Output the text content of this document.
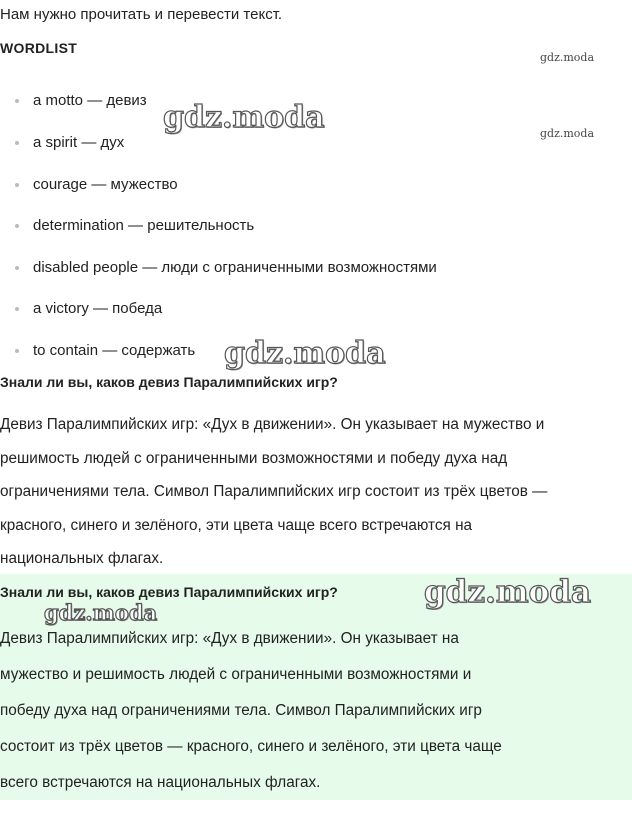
Нам нужно прочитать и перевести текст.
WORDLIST
a motto — девиз
a spirit — дух
courage — мужество
determination — решительность
disabled people — люди с ограниченными возможностями
a victory — победа
to contain — содержать
Знали ли вы, каков девиз Паралимпийских игр?

Девиз Паралимпийских игр: «Дух в движении». Он указывает на мужество и
решимость людей с ограниченными возможностями и победу духа над
ограничениями тела. Символ Паралимпийских игр состоит из трёх цветов —
красного, синего и зелёного, эти цвета чаще всего встречаются на
национальных флагах.

Знали ли вы, каков девиз Паралимпийских игр?

Девиз Паралимпийских игр: «Дух в движении». Он указывает на
мужество и решимость людей с ограниченными возможностями и
победу духа над ограничениями тела. Символ Паралимпийских игр
состоит из трёх цветов — красного, синего и зелёного, эти цвета чаще
всего встречаются на национальных флагах.

gdz.moda
gdz.moda
gdz.moda
gdz.moda
gdz.moda
gdz.moda
